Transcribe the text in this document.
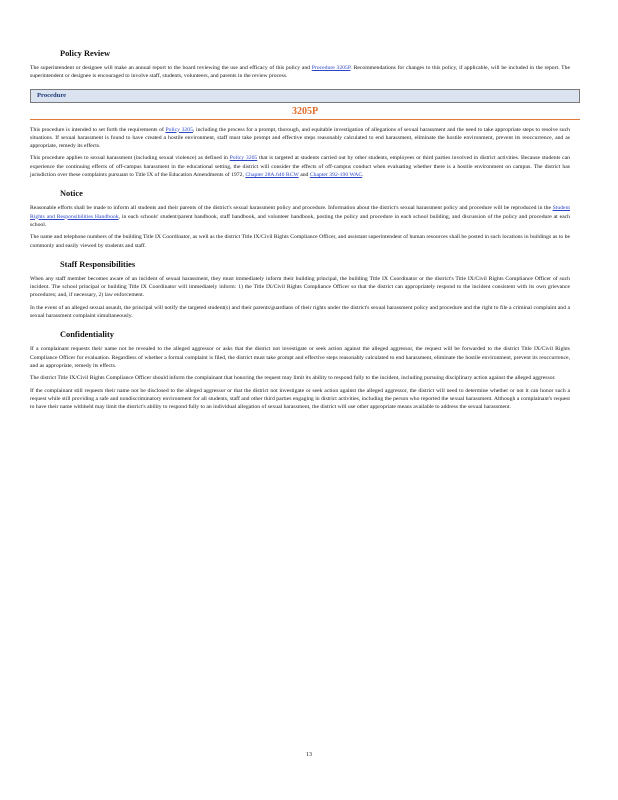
Policy Review

The superintendent or designee will make an annual report to the board reviewing the use and efficacy of this policy and Procedure 3205P. Recommendations for changes to this policy, if applicable, will be included in the report. The superintendent or designee is encouraged to involve staff, students, volunteers, and parents in the review process.

Procedure
3205P

This procedure is intended to set forth the requirements of Policy 3205, including the process for a prompt, thorough, and equitable investigation of allegations of sexual harassment and the need to take appropriate steps to resolve such situations. If sexual harassment is found to have created a hostile environment, staff must take prompt and effective steps reasonably calculated to end harassment, eliminate the hostile environment, prevent its reoccurrence, and as appropriate, remedy its effects.

This procedure applies to sexual harassment (including sexual violence) as defined in Policy 3205 that is targeted at students carried out by other students, employees or third parties involved in district activities. Because students can experience the continuing effects of off-campus harassment in the educational setting, the district will consider the effects of off-campus conduct when evaluating whether there is a hostile environment on campus. The district has jurisdiction over these complaints pursuant to Title IX of the Education Amendments of 1972, Chapter 28A.640 RCW and Chapter 392-190 WAC.

Notice

Reasonable efforts shall be made to inform all students and their parents of the district's sexual harassment policy and procedure. Information about the district's sexual harassment policy and procedure will be reproduced in the Student Rights and Responsibilities Handbook, in each schools' student/parent handbook, staff handbook, and volunteer handbook, posting the policy and procedure in each school building, and discussion of the policy and procedure at each school.

The name and telephone numbers of the building Title IX Coordinator, as well as the district Title IX/Civil Rights Compliance Officer, and assistant superintendent of human resources shall be posted in such locations in buildings as to be commonly and easily viewed by students and staff.

Staff Responsibilities

When any staff member becomes aware of an incident of sexual harassment, they must immediately inform their building principal, the building Title IX Coordinator or the district's Title IX/Civil Rights Compliance Officer of such incident. The school principal or building Title IX Coordinator will immediately inform: 1) the Title IX/Civil Rights Compliance Officer so that the district can appropriately respond to the incident consistent with its own grievance procedures; and, if necessary, 2) law enforcement.

In the event of an alleged sexual assault, the principal will notify the targeted student(s) and their parents/guardians of their rights under the district's sexual harassment policy and procedure and the right to file a criminal complaint and a sexual harassment complaint simultaneously.

Confidentiality

If a complainant requests their name not be revealed to the alleged aggressor or asks that the district not investigate or seek action against the alleged aggressor, the request will be forwarded to the district Title IX/Civil Rights Compliance Officer for evaluation. Regardless of whether a formal complaint is filed, the district must take prompt and effective steps reasonably calculated to end harassment, eliminate the hostile environment, prevent its reoccurrence, and as appropriate, remedy its effects.

The district Title IX/Civil Rights Compliance Officer should inform the complainant that honoring the request may limit its ability to respond fully to the incident, including pursuing disciplinary action against the alleged aggressor.

If the complainant still requests their name not be disclosed to the alleged aggressor or that the district not investigate or seek action against the alleged aggressor, the district will need to determine whether or not it can honor such a request while still providing a safe and nondiscriminatory environment for all students, staff and other third parties engaging in district activities, including the person who reported the sexual harassment. Although a complainant's request to have their name withheld may limit the district's ability to respond fully to an individual allegation of sexual harassment, the district will use other appropriate means available to address the sexual harassment.

13
